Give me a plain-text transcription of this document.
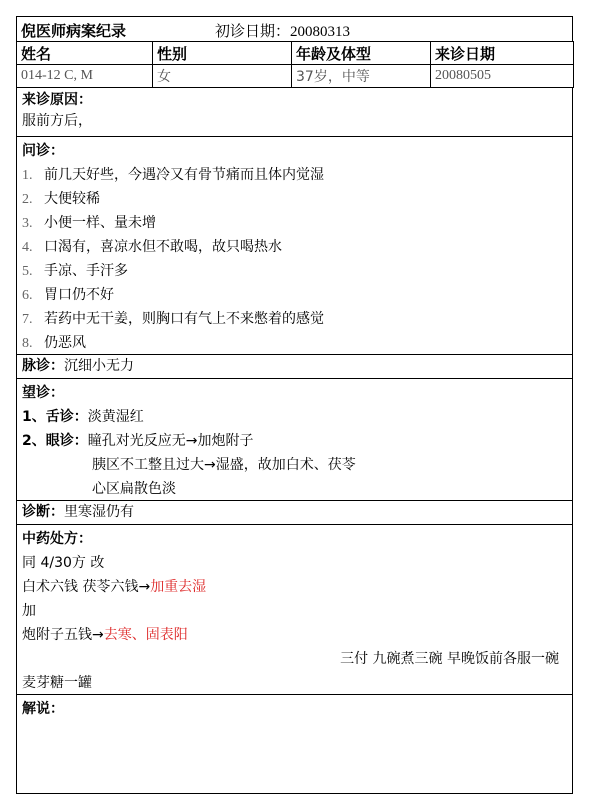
倪医师病案纪录	初诊日期：20080313
姓名	性别	年龄及体型	来诊日期
014-12 C, M	女	37岁，中等	20080505
来诊原因：
服前方后，
问诊：
1. 前几天好些，今遇冷又有骨节痛而且体内觉湿
2. 大便较稀
3. 小便一样、量未增
4. 口渴有，喜凉水但不敢喝，故只喝热水
5. 手凉、手汗多
6. 胃口仍不好
7. 若药中无干姜，则胸口有气上不来憋着的感觉
8. 仍恶风
脉诊：沉细小无力
望诊：
1、舌诊：淡黄湿红
2、眼诊：瞳孔对光反应无→加炮附子
胰区不工整且过大→湿盛，故加白术、茯苓
心区扁散色淡
诊断：里寒湿仍有
中药处方：
同 4/30方 改
白术六钱 茯苓六钱→加重去湿
加
炮附子五钱→去寒、固表阳
三付 九碗煮三碗 早晚饭前各服一碗
麦芽糖一罐
解说：
